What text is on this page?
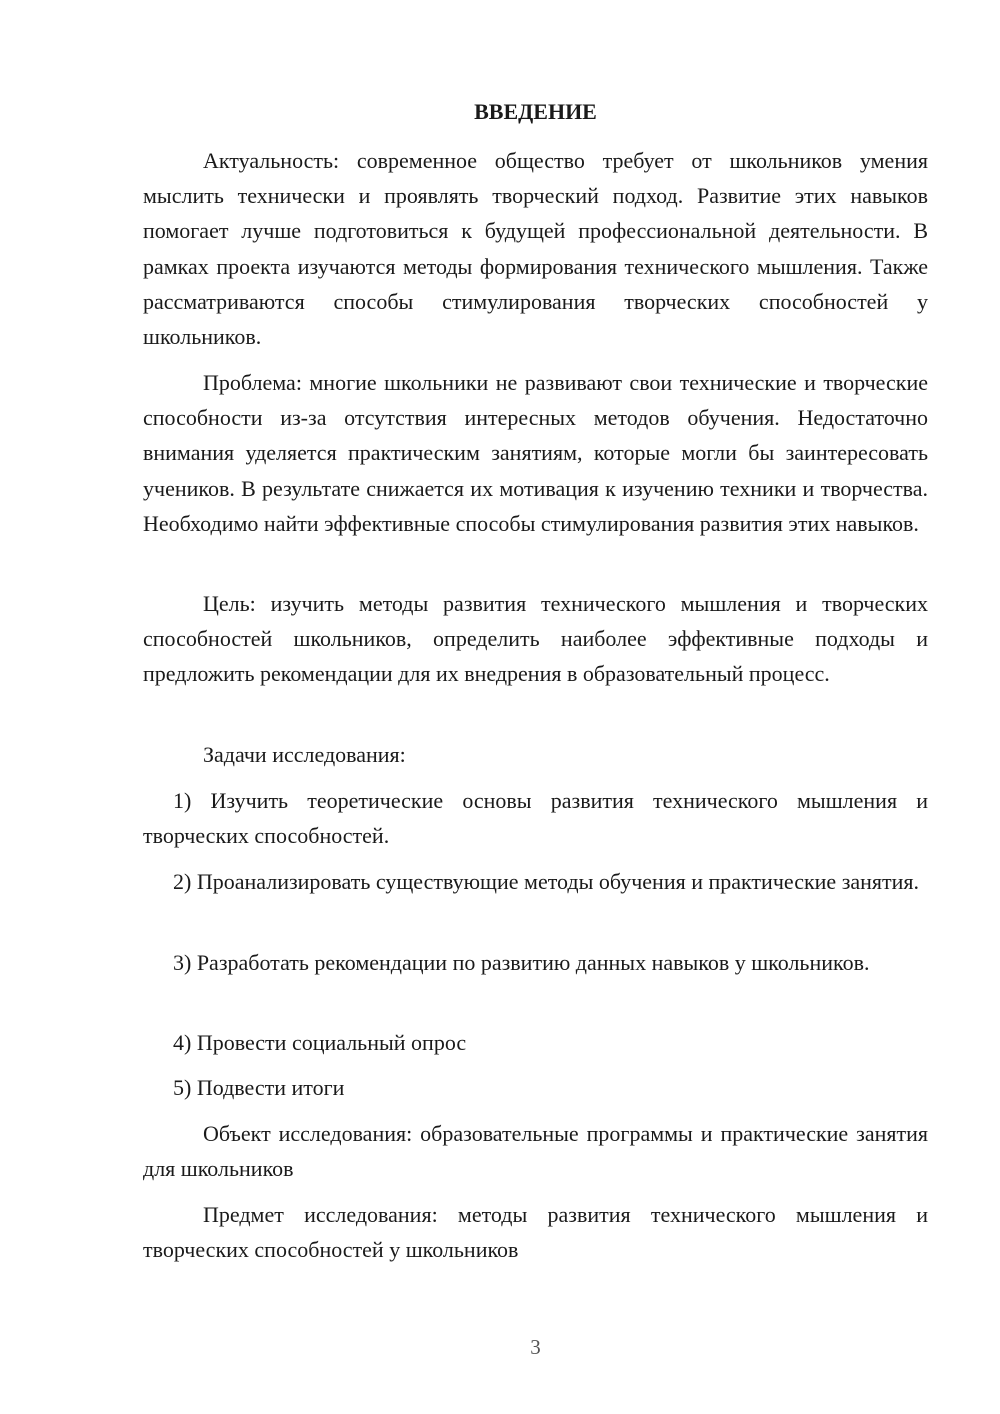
ВВЕДЕНИЕ

Актуальность: современное общество требует от школьников умения мыслить технически и проявлять творческий подход. Развитие этих навыков помогает лучше подготовиться к будущей профессиональной деятельности. В рамках проекта изучаются методы формирования технического мышления. Также рассматриваются способы стимулирования творческих способностей у школьников.

Проблема: многие школьники не развивают свои технические и творческие способности из-за отсутствия интересных методов обучения. Недостаточно внимания уделяется практическим занятиям, которые могли бы заинтересовать учеников. В результате снижается их мотивация к изучению техники и творчества. Необходимо найти эффективные способы стимулирования развития этих навыков.

Цель: изучить методы развития технического мышления и творческих способностей школьников, определить наиболее эффективные подходы и предложить рекомендации для их внедрения в образовательный процесс.

Задачи исследования:

1) Изучить теоретические основы развития технического мышления и творческих способностей.

2) Проанализировать существующие методы обучения и практические занятия.

3) Разработать рекомендации по развитию данных навыков у школьников.

4) Провести социальный опрос

5) Подвести итоги

Объект исследования: образовательные программы и практические занятия для школьников

Предмет исследования: методы развития технического мышления и творческих способностей у школьников

3
